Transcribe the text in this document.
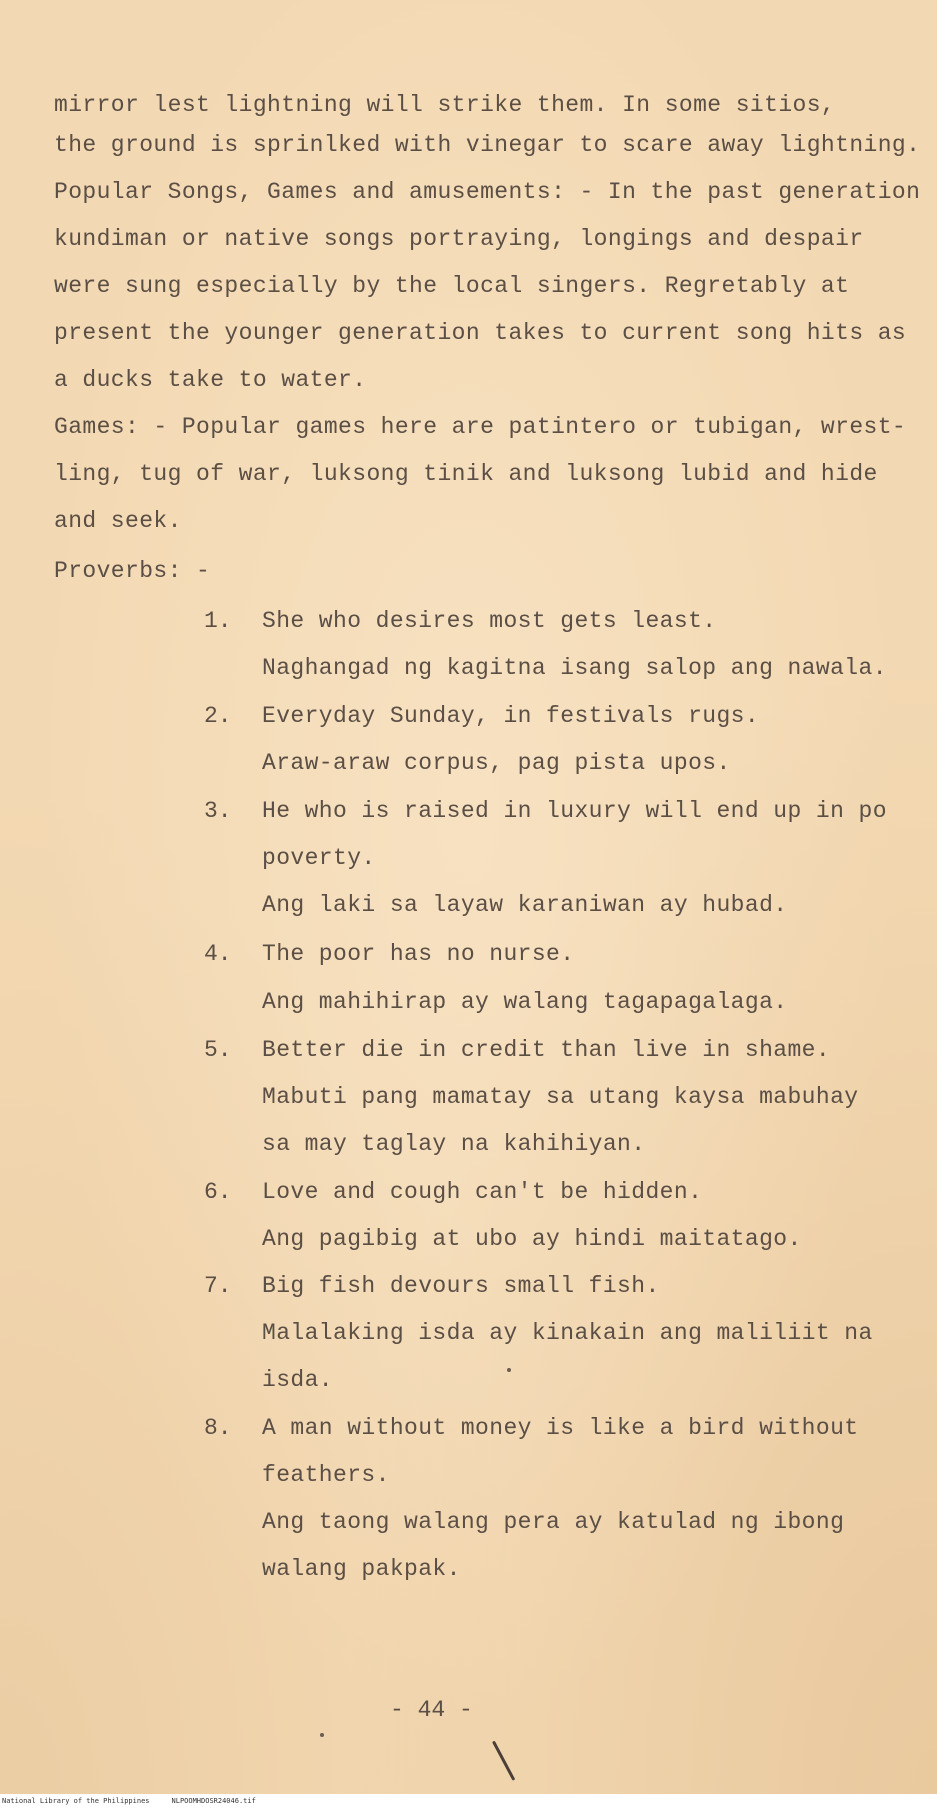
mirror lest lightning will strike them. In some sitios,
the ground is sprinlked with vinegar to scare away lightning.
Popular Songs, Games and amusements: - In the past generation
kundiman or native songs portraying, longings and despair
were sung especially by the local singers. Regretably at
present the younger generation takes to current song hits as
a ducks take to water.
Games: - Popular games here are patintero or tubigan, wrest-
ling, tug of war, luksong tinik and luksong lubid and hide
and seek.
Proverbs: -
1. She who desires most gets least.
Naghangad ng kagitna isang salop ang nawala.
2. Everyday Sunday, in festivals rugs.
Araw-araw corpus, pag pista upos.
3. He who is raised in luxury will end up in po
poverty.
Ang laki sa layaw karaniwan ay hubad.
4. The poor has no nurse.
Ang mahihirap ay walang tagapagalaga.
5. Better die in credit than live in shame.
Mabuti pang mamatay sa utang kaysa mabuhay
sa may taglay na kahihiyan.
6. Love and cough can't be hidden.
Ang pagibig at ubo ay hindi maitatago.
7. Big fish devours small fish.
Malalaking isda ay kinakain ang maliliit na
isda.
8. A man without money is like a bird without
feathers.
Ang taong walang pera ay katulad ng ibong
walang pakpak.
- 44 -
National Library of the Philippines	NLPOOMHDOSR24046.tif
